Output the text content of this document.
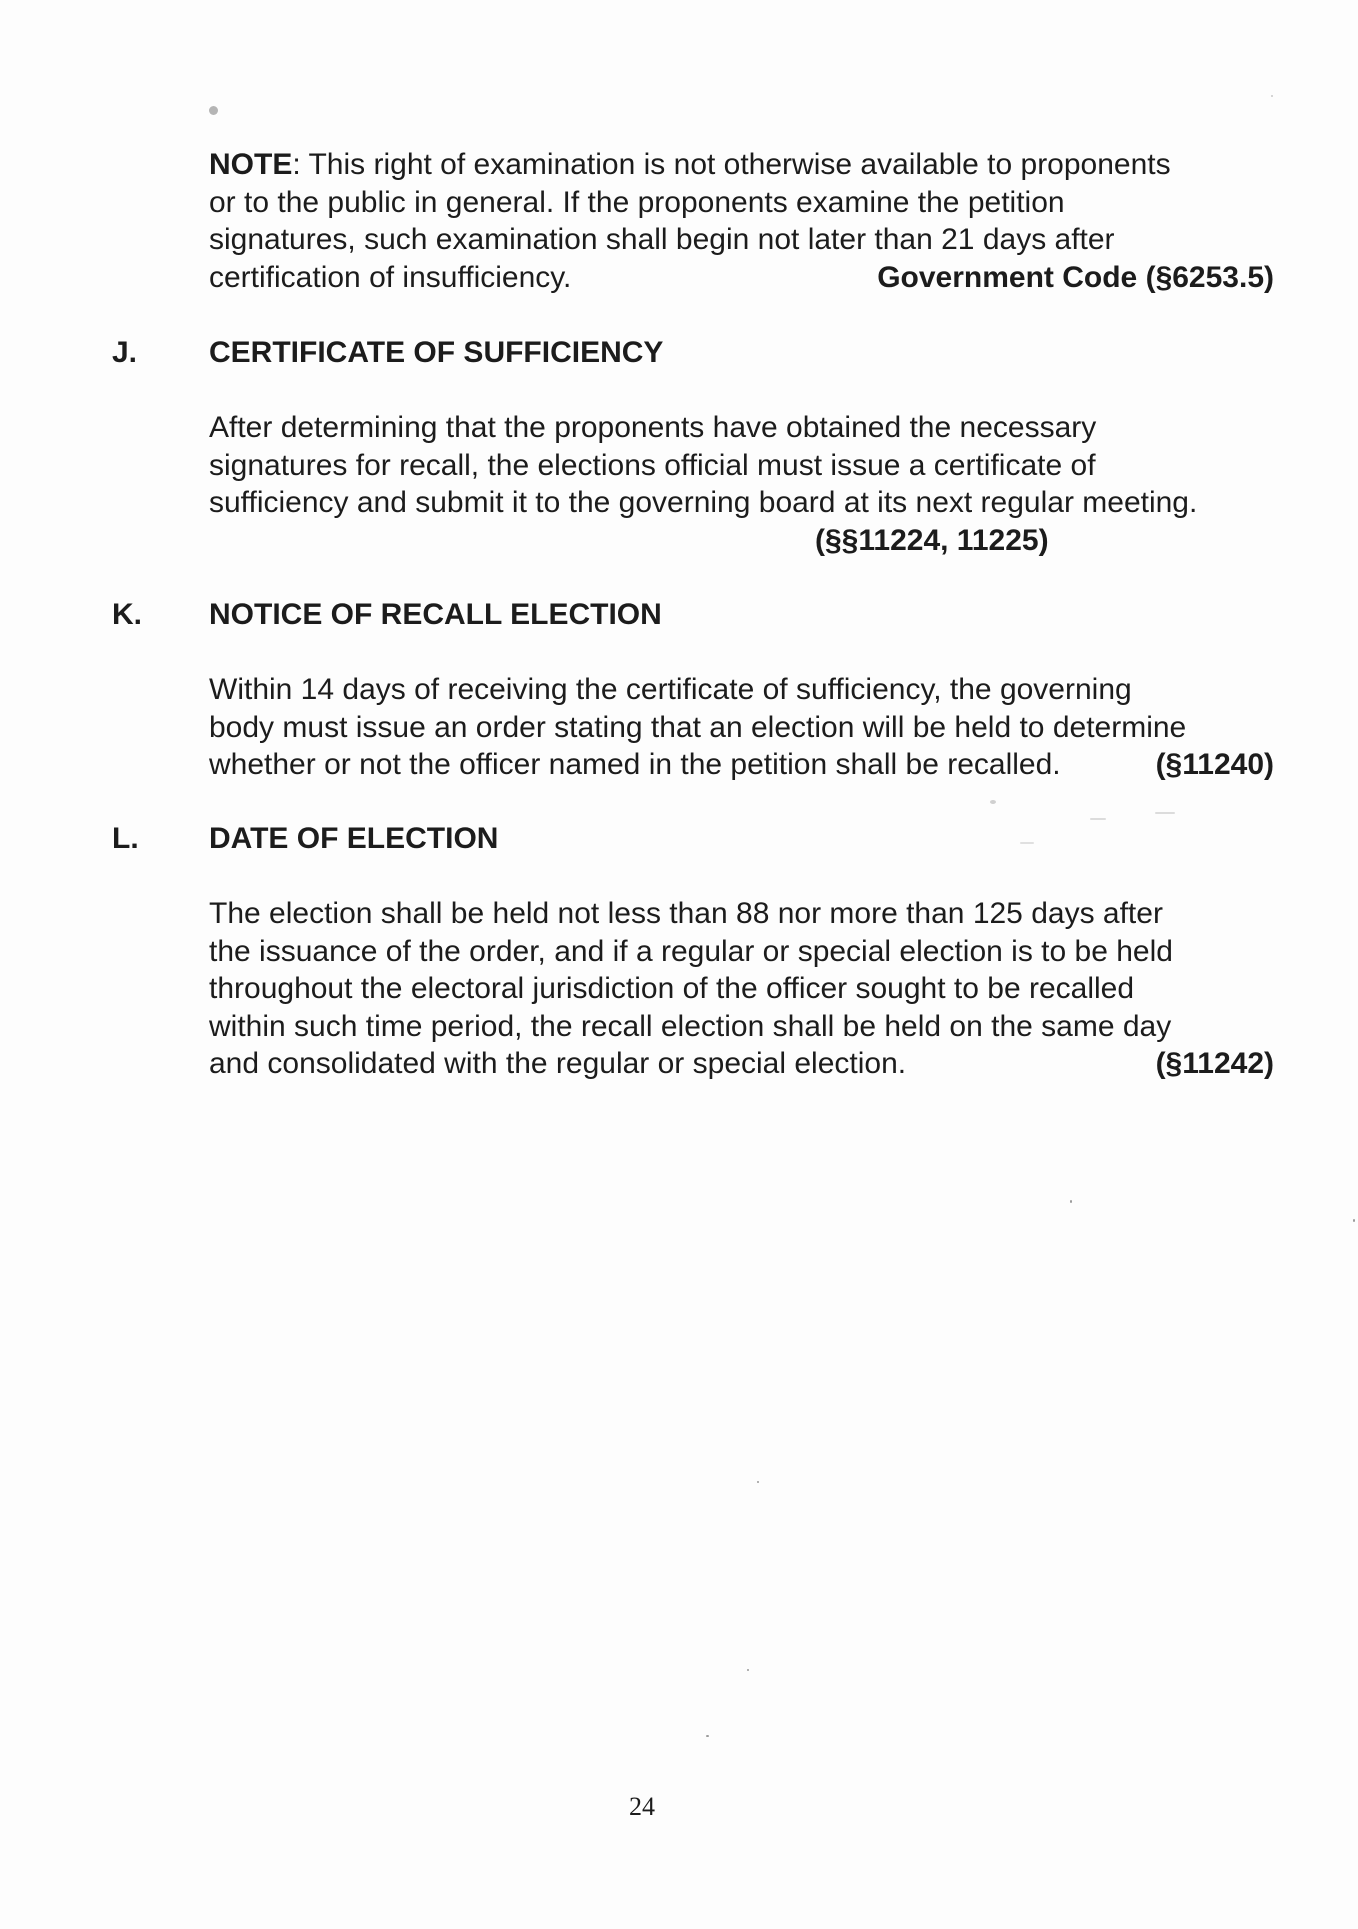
NOTE: This right of examination is not otherwise available to proponents
or to the public in general. If the proponents examine the petition
signatures, such examination shall begin not later than 21 days after
certification of insufficiency.	Government Code (§6253.5)
J. CERTIFICATE OF SUFFICIENCY
After determining that the proponents have obtained the necessary
signatures for recall, the elections official must issue a certificate of
sufficiency and submit it to the governing board at its next regular meeting.
(§§11224, 11225)
K. NOTICE OF RECALL ELECTION
Within 14 days of receiving the certificate of sufficiency, the governing
body must issue an order stating that an election will be held to determine
whether or not the officer named in the petition shall be recalled.	(§11240)
L. DATE OF ELECTION
The election shall be held not less than 88 nor more than 125 days after
the issuance of the order, and if a regular or special election is to be held
throughout the electoral jurisdiction of the officer sought to be recalled
within such time period, the recall election shall be held on the same day
and consolidated with the regular or special election.	(§11242)
24
